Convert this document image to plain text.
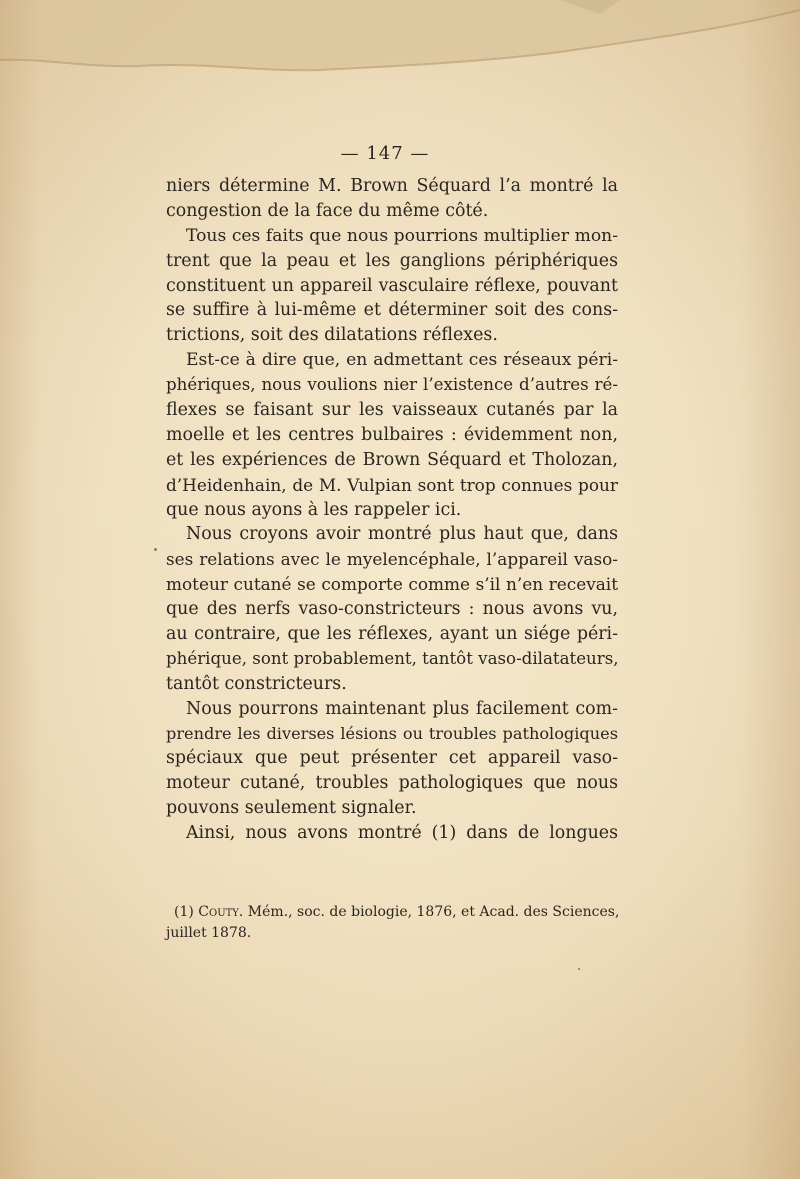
— 147 —
niers détermine M. Brown Séquard l’a montré la
congestion de la face du même côté.
Tous ces faits que nous pourrions multiplier mon-
trent que la peau et les ganglions périphériques
constituent un appareil vasculaire réflexe, pouvant
se suffire à lui-même et déterminer soit des cons-
trictions, soit des dilatations réflexes.
Est-ce à dire que, en admettant ces réseaux péri-
phériques, nous voulions nier l’existence d’autres ré-
flexes se faisant sur les vaisseaux cutanés par la
moelle et les centres bulbaires : évidemment non,
et les expériences de Brown Séquard et Tholozan,
d’Heidenhain, de M. Vulpian sont trop connues pour
que nous ayons à les rappeler ici.
Nous croyons avoir montré plus haut que, dans
ses relations avec le myelencéphale, l’appareil vaso-
moteur cutané se comporte comme s’il n’en recevait
que des nerfs vaso-constricteurs : nous avons vu,
au contraire, que les réflexes, ayant un siége péri-
phérique, sont probablement, tantôt vaso-dilatateurs,
tantôt constricteurs.
Nous pourrons maintenant plus facilement com-
prendre les diverses lésions ou troubles pathologiques
spéciaux que peut présenter cet appareil vaso-
moteur cutané, troubles pathologiques que nous
pouvons seulement signaler.
Ainsi, nous avons montré (1) dans de longues
(1) Couty. Mém., soc. de biologie, 1876, et Acad. des Sciences,
juillet 1878.
